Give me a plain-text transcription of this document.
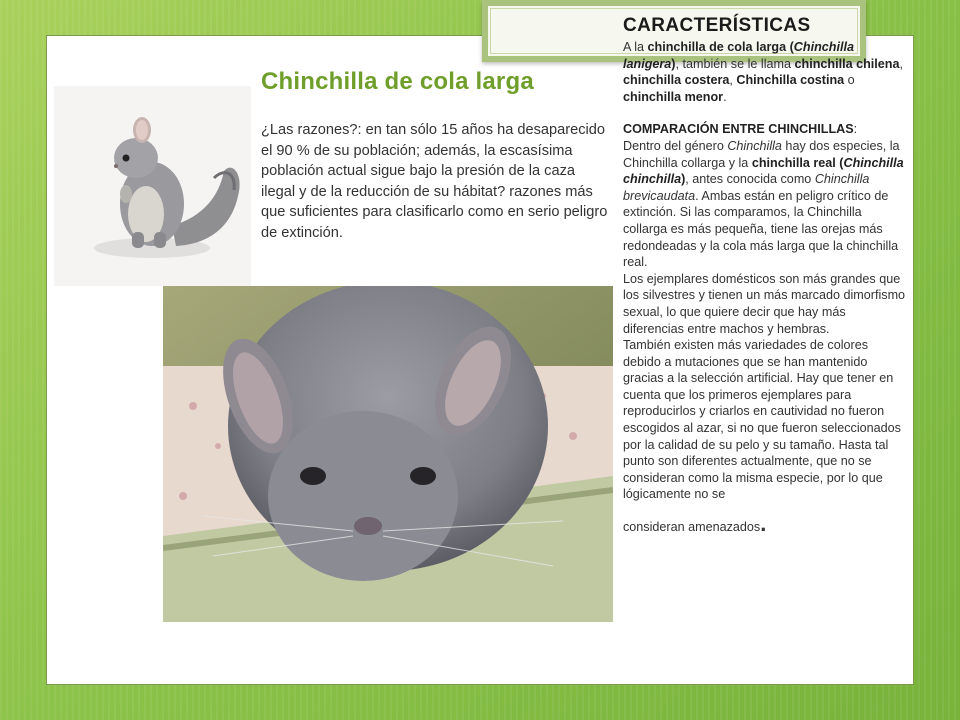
Chinchilla de cola larga
¿Las razones?: en tan sólo 15 años ha desaparecido el 90 % de su población; además, la escasísima población actual sigue bajo la presión de la caza ilegal y de la reducción de su hábitat? razones más que suficientes para clasificarlo como en serio peligro de extinción.
CARACTERÍSTICAS

A la chinchilla de cola larga (Chinchilla lanigera), también se le llama chinchilla chilena, chinchilla costera, Chinchilla costina o chinchilla menor.

COMPARACIÓN ENTRE CHINCHILLAS:

Dentro del género Chinchilla hay dos especies, la Chinchilla collarga y la chinchilla real (Chinchilla chinchilla), antes conocida como Chinchilla brevicaudata. Ambas están en peligro crítico de extinción. Si las comparamos, la Chinchilla collarga es más pequeña, tiene las orejas más redondeadas y la cola más larga que la chinchilla real.

Los ejemplares domésticos son más grandes que los silvestres y tienen un más marcado dimorfismo sexual, lo que quiere decir que hay más diferencias entre machos y hembras.

También existen más variedades de colores debido a mutaciones que se han mantenido gracias a la selección artificial. Hay que tener en cuenta que los primeros ejemplares para reproducirlos y criarlos en cautividad no fueron escogidos al azar, si no que fueron seleccionados por la calidad de su pelo y su tamaño. Hasta tal punto son diferentes actualmente, que no se consideran como la misma especie, por lo que lógicamente no se

consideran amenazados.
